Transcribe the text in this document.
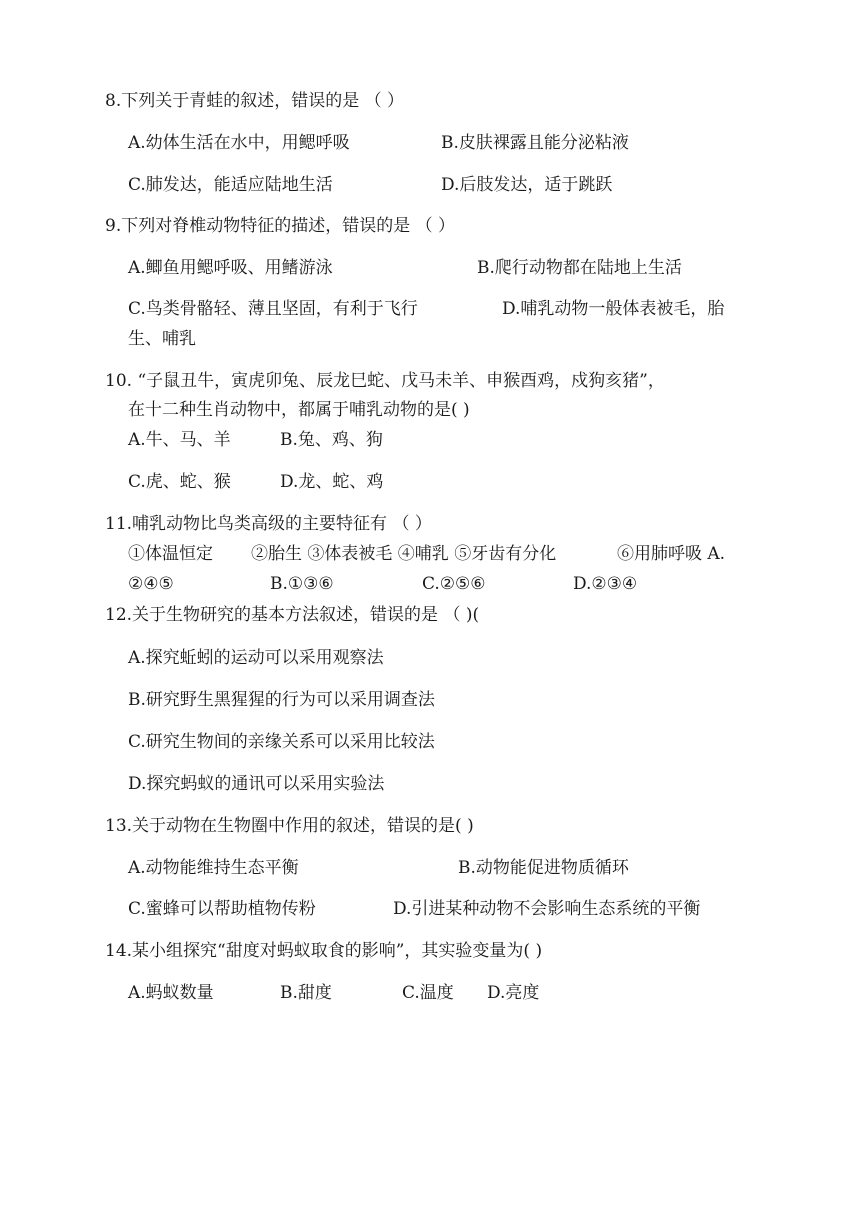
8.下列关于青蛙的叙述，错误的是 （ ）
A.幼体生活在水中，用鳃呼吸	B.皮肤裸露且能分泌粘液
C.肺发达，能适应陆地生活	D.后肢发达，适于跳跃
9.下列对脊椎动物特征的描述，错误的是 （ ）
A.鲫鱼用鳃呼吸、用鳍游泳	B.爬行动物都在陆地上生活
C.鸟类骨骼轻、薄且坚固，有利于飞行	D.哺乳动物一般体表被毛，胎
生、哺乳
10. “子鼠丑牛，寅虎卯兔、辰龙巳蛇、戊马未羊、申猴酉鸡，戍狗亥猪”，
在十二种生肖动物中，都属于哺乳动物的是( )
A.牛、马、羊	B.兔、鸡、狗
C.虎、蛇、猴	D.龙、蛇、鸡
11.哺乳动物比鸟类高级的主要特征有 （ ）
①体温恒定 ②胎生 ③体表被毛 ④哺乳 ⑤牙齿有分化	⑥用肺呼吸 A.
②④⑤	B.①③⑥	C.②⑤⑥	D.②③④
12.关于生物研究的基本方法叙述，错误的是 （ )(
A.探究蚯蚓的运动可以采用观察法
B.研究野生黑猩猩的行为可以采用调查法
C.研究生物间的亲缘关系可以采用比较法
D.探究蚂蚁的通讯可以采用实验法
13.关于动物在生物圈中作用的叙述，错误的是( )
A.动物能维持生态平衡	B.动物能促进物质循环
C.蜜蜂可以帮助植物传粉	D.引进某种动物不会影响生态系统的平衡
14.某小组探究“甜度对蚂蚁取食的影响”，其实验变量为( )
A.蚂蚁数量	B.甜度	C.温度 D.亮度
